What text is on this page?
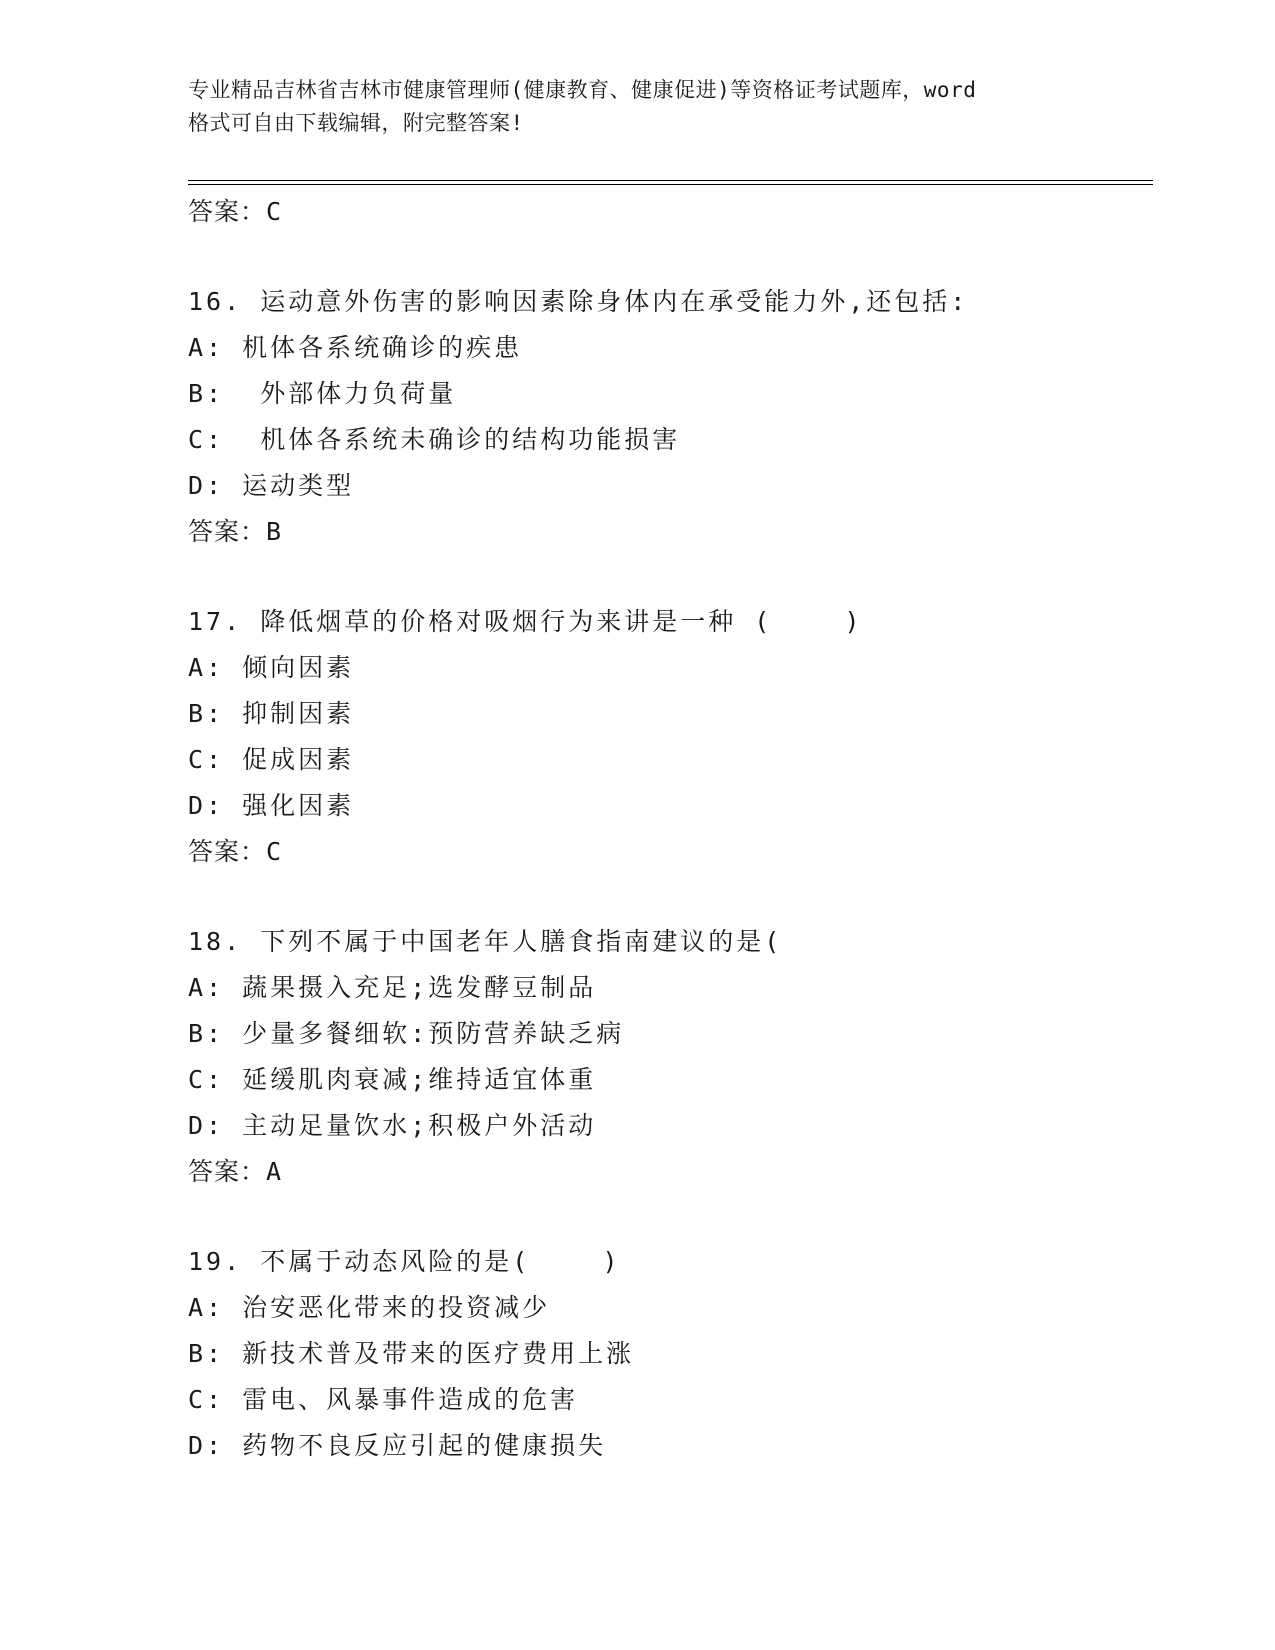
专业精品吉林省吉林市健康管理师(健康教育、健康促进)等资格证考试题库，word
格式可自由下载编辑，附完整答案!
答案：C
16. 运动意外伤害的影响因素除身体内在承受能力外,还包括:
A: 机体各系统确诊的疾患
B:  外部体力负荷量
C:  机体各系统未确诊的结构功能损害
D: 运动类型
答案：B
17. 降低烟草的价格对吸烟行为来讲是一种 (    )
A: 倾向因素
B: 抑制因素
C: 促成因素
D: 强化因素
答案：C
18. 下列不属于中国老年人膳食指南建议的是(
A: 蔬果摄入充足;选发酵豆制品
B: 少量多餐细软:预防营养缺乏病
C: 延缓肌肉衰减;维持适宜体重
D: 主动足量饮水;积极户外活动
答案：A
19. 不属于动态风险的是(    )
A: 治安恶化带来的投资减少
B: 新技术普及带来的医疗费用上涨
C: 雷电、风暴事件造成的危害
D: 药物不良反应引起的健康损失
